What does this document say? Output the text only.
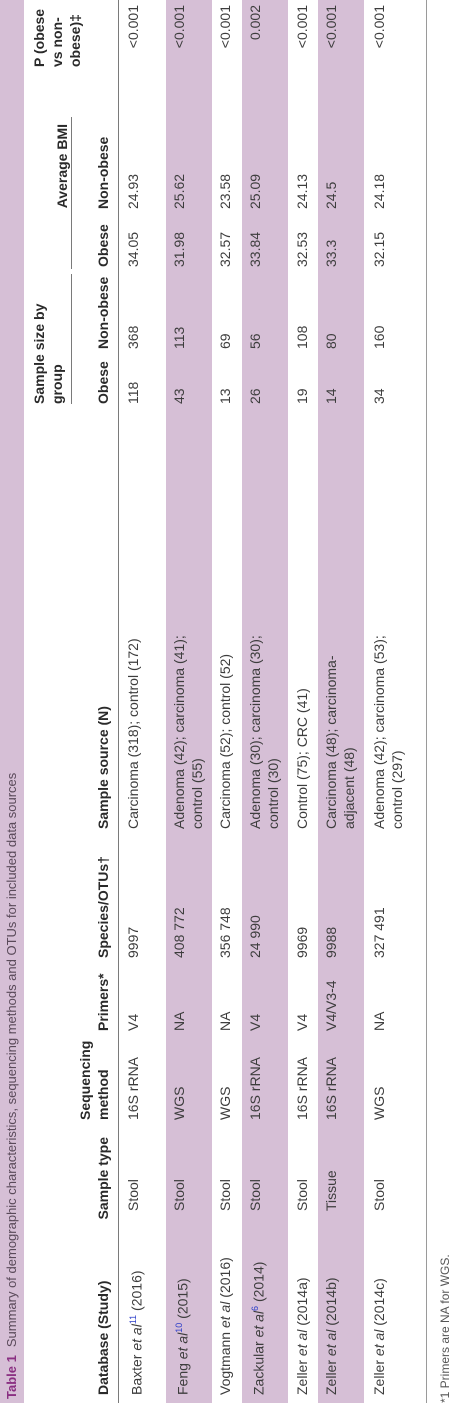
Table 1Summary of demographic characteristics, sequencing methods and OTUs for included data sources
Sample size by group
Average BMI
P (obese vs non-obese)‡
Database (Study)
Sample type
Sequencing method
Primers*
Species/OTUs†
Sample source (N)
Obese
Non-obese
Obese
Non-obese
Baxter et $al^{11}$ (2016)
Stool
16S rRNA
V4
9997
Carcinoma (318); control (172)
118
368
34.05
24.93
<0.001
Feng et $al^{10}$ (2015)
Stool
WGS
NA
408 772
Adenoma (42); carcinoma (41); control (55)
43
113
31.98
25.62
<0.001
Vogtmann et al (2016)
Stool
WGS
NA
356 748
Carcinoma (52); control (52)
13
69
32.57
23.58
<0.001
Zackular et $al^6$ (2014)
Stool
16S rRNA
V4
24 990
Adenoma (30); carcinoma (30); control (30)
26
56
33.84
25.09
0.002
Zeller et al (2014a)
Stool
16S rRNA
V4
9969
Control (75); CRC (41)
19
108
32.53
24.13
<0.001
Zeller et al (2014b)
Tissue
16S rRNA
V4/V3-4
9988
Carcinoma (48); carcinoma-adjacent (48)
14
80
33.3
24.5
<0.001
Zeller et al (2014c)
Stool
WGS
NA
327 491
Adenoma (42); carcinoma (53); control (297)
34
160
32.15
24.18
<0.001
*1 Primers are NA for WGS.
